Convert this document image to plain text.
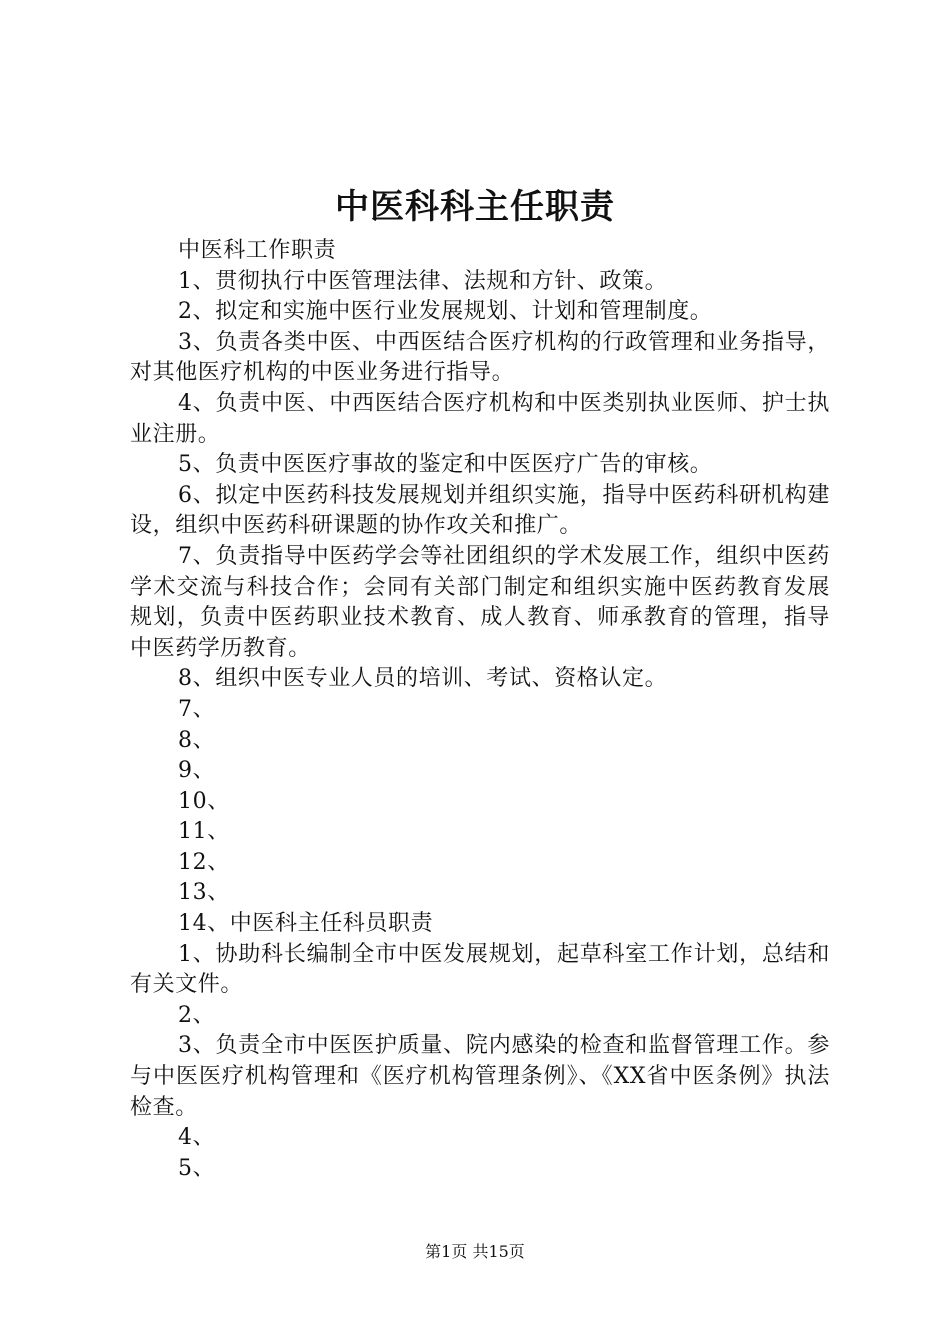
中医科科主任职责

中医科工作职责

1、贯彻执行中医管理法律、法规和方针、政策。

2、拟定和实施中医行业发展规划、计划和管理制度。

3、负责各类中医、中西医结合医疗机构的行政管理和业务指导，对其他医疗机构的中医业务进行指导。

4、负责中医、中西医结合医疗机构和中医类别执业医师、护士执业注册。

5、负责中医医疗事故的鉴定和中医医疗广告的审核。

6、拟定中医药科技发展规划并组织实施，指导中医药科研机构建设，组织中医药科研课题的协作攻关和推广。

7、负责指导中医药学会等社团组织的学术发展工作，组织中医药学术交流与科技合作；会同有关部门制定和组织实施中医药教育发展规划，负责中医药职业技术教育、成人教育、师承教育的管理，指导中医药学历教育。

8、组织中医专业人员的培训、考试、资格认定。

7、

8、

9、

10、

11、

12、

13、

14、中医科主任科员职责

1、协助科长编制全市中医发展规划，起草科室工作计划，总结和有关文件。

2、

3、负责全市中医医护质量、院内感染的检查和监督管理工作。参与中医医疗机构管理和《医疗机构管理条例》、《XX省中医条例》执法检查。

4、

5、

第1页 共15页
